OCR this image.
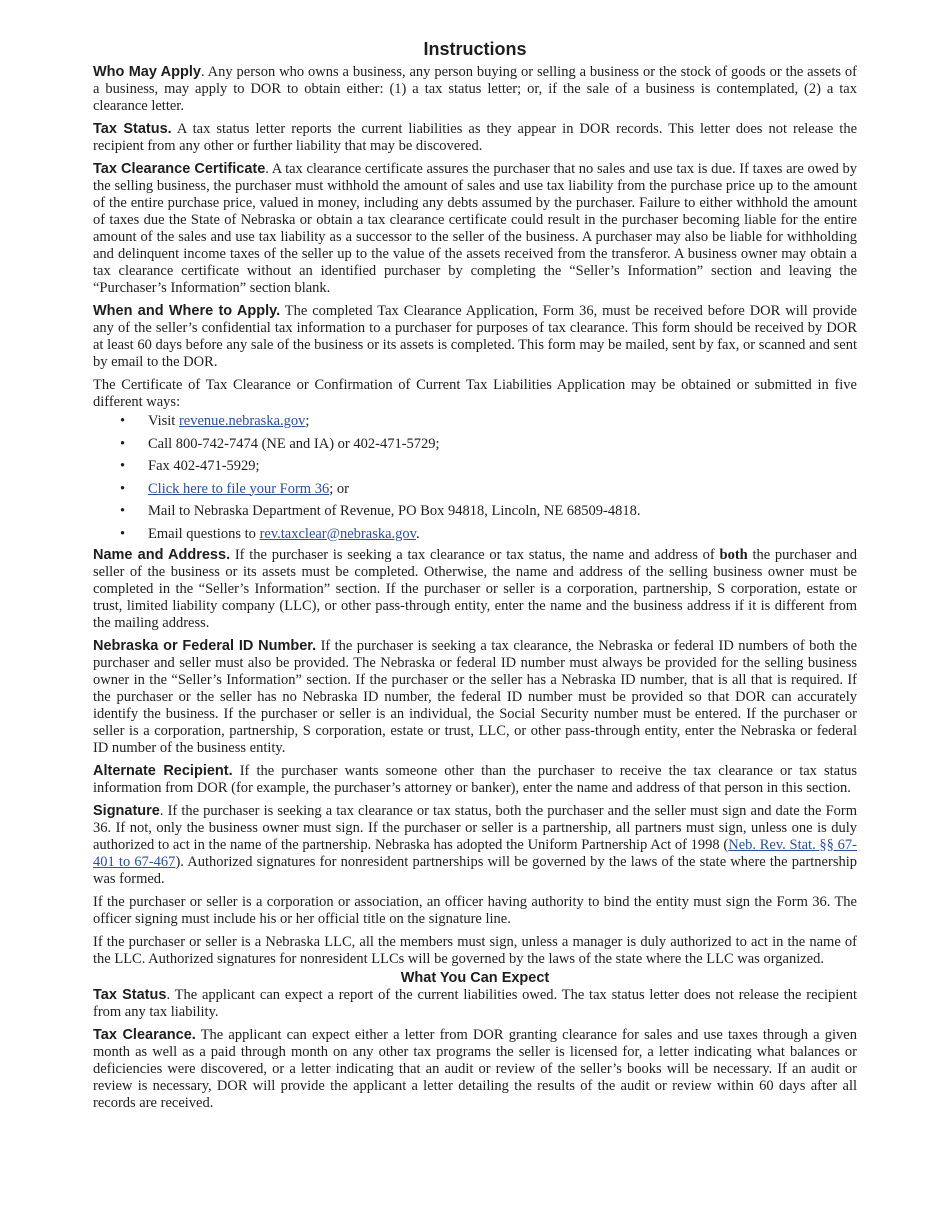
Instructions

Who May Apply. Any person who owns a business, any person buying or selling a business or the stock of goods or the assets of a business, may apply to DOR to obtain either: (1) a tax status letter; or, if the sale of a business is contemplated, (2) a tax clearance letter.

Tax Status. A tax status letter reports the current liabilities as they appear in DOR records. This letter does not release the recipient from any other or further liability that may be discovered.

Tax Clearance Certificate. A tax clearance certificate assures the purchaser that no sales and use tax is due. If taxes are owed by the selling business, the purchaser must withhold the amount of sales and use tax liability from the purchase price up to the amount of the entire purchase price, valued in money, including any debts assumed by the purchaser. Failure to either withhold the amount of taxes due the State of Nebraska or obtain a tax clearance certificate could result in the purchaser becoming liable for the entire amount of the sales and use tax liability as a successor to the seller of the business. A purchaser may also be liable for withholding and delinquent income taxes of the seller up to the value of the assets received from the transferor. A business owner may obtain a tax clearance certificate without an identified purchaser by completing the “Seller’s Information” section and leaving the “Purchaser’s Information” section blank.

When and Where to Apply. The completed Tax Clearance Application, Form 36, must be received before DOR will provide any of the seller’s confidential tax information to a purchaser for purposes of tax clearance. This form should be received by DOR at least 60 days before any sale of the business or its assets is completed. This form may be mailed, sent by fax, or scanned and sent by email to the DOR.

The Certificate of Tax Clearance or Confirmation of Current Tax Liabilities Application may be obtained or submitted in five different ways:

• Visit revenue.nebraska.gov;
• Call 800-742-7474 (NE and IA) or 402-471-5729;
• Fax 402-471-5929;
• Click here to file your Form 36; or
• Mail to Nebraska Department of Revenue, PO Box 94818, Lincoln, NE 68509-4818.
• Email questions to rev.taxclear@nebraska.gov.

Name and Address. If the purchaser is seeking a tax clearance or tax status, the name and address of both the purchaser and seller of the business or its assets must be completed. Otherwise, the name and address of the selling business owner must be completed in the “Seller’s Information” section. If the purchaser or seller is a corporation, partnership, S corporation, estate or trust, limited liability company (LLC), or other pass-through entity, enter the name and the business address if it is different from the mailing address.

Nebraska or Federal ID Number. If the purchaser is seeking a tax clearance, the Nebraska or federal ID numbers of both the purchaser and seller must also be provided. The Nebraska or federal ID number must always be provided for the selling business owner in the “Seller’s Information” section. If the purchaser or the seller has a Nebraska ID number, that is all that is required. If the purchaser or the seller has no Nebraska ID number, the federal ID number must be provided so that DOR can accurately identify the business. If the purchaser or seller is an individual, the Social Security number must be entered. If the purchaser or seller is a corporation, partnership, S corporation, estate or trust, LLC, or other pass-through entity, enter the Nebraska or federal ID number of the business entity.

Alternate Recipient. If the purchaser wants someone other than the purchaser to receive the tax clearance or tax status information from DOR (for example, the purchaser’s attorney or banker), enter the name and address of that person in this section.

Signature. If the purchaser is seeking a tax clearance or tax status, both the purchaser and the seller must sign and date the Form 36. If not, only the business owner must sign. If the purchaser or seller is a partnership, all partners must sign, unless one is duly authorized to act in the name of the partnership. Nebraska has adopted the Uniform Partnership Act of 1998 (Neb. Rev. Stat. §§ 67-401 to 67-467). Authorized signatures for nonresident partnerships will be governed by the laws of the state where the partnership was formed.

If the purchaser or seller is a corporation or association, an officer having authority to bind the entity must sign the Form 36. The officer signing must include his or her official title on the signature line.

If the purchaser or seller is a Nebraska LLC, all the members must sign, unless a manager is duly authorized to act in the name of the LLC. Authorized signatures for nonresident LLCs will be governed by the laws of the state where the LLC was organized.

What You Can Expect

Tax Status. The applicant can expect a report of the current liabilities owed. The tax status letter does not release the recipient from any tax liability.

Tax Clearance. The applicant can expect either a letter from DOR granting clearance for sales and use taxes through a given month as well as a paid through month on any other tax programs the seller is licensed for, a letter indicating what balances or deficiencies were discovered, or a letter indicating that an audit or review of the seller’s books will be necessary. If an audit or review is necessary, DOR will provide the applicant a letter detailing the results of the audit or review within 60 days after all records are received.
